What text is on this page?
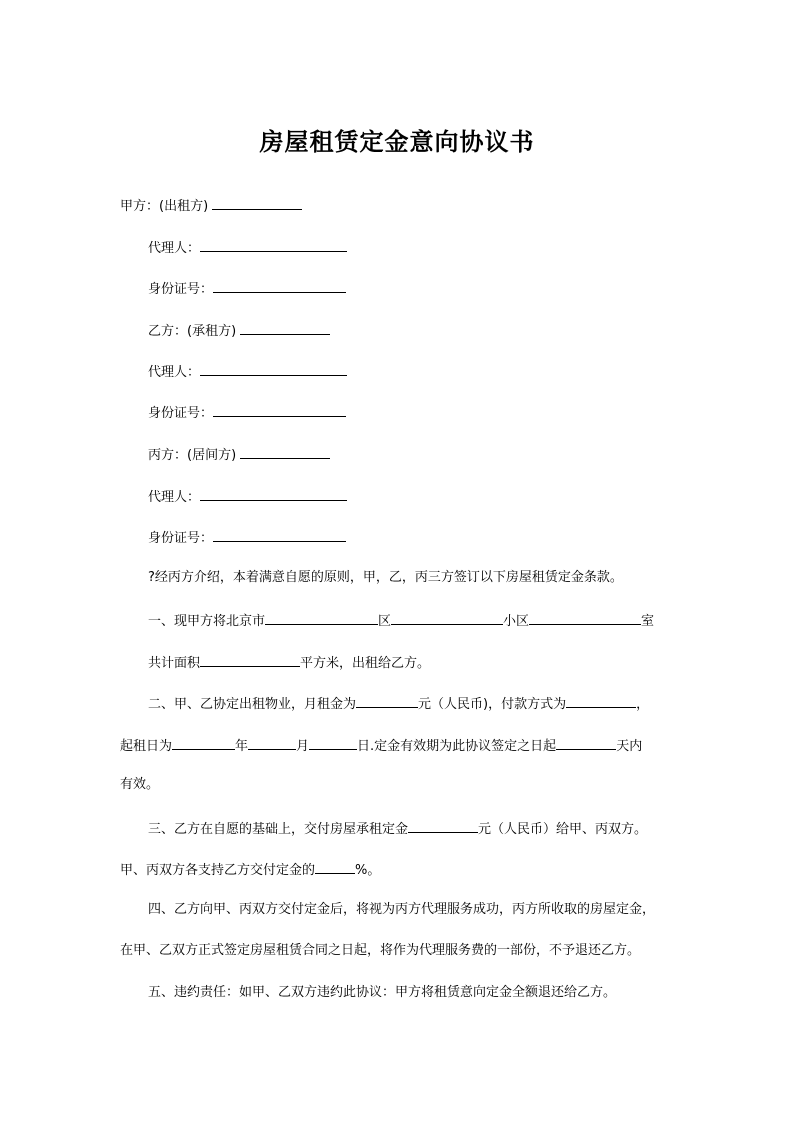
房屋租赁定金意向协议书
甲方：(出租方)
代理人：
身份证号：
乙方：(承租方)
代理人：
身份证号：
丙方：(居间方)
代理人：
身份证号：
?经丙方介绍，本着满意自愿的原则，甲，乙，丙三方签订以下房屋租赁定金条款。
一、现甲方将北京市	区	小区	室
共计面积	平方米，出租给乙方。
二、甲、乙协定出租物业，月租金为	元（人民币)，付款方式为	，
起租日为	年	月	日.定金有效期为此协议签定之日起	天内
有效。
三、乙方在自愿的基础上，交付房屋承租定金	元（人民币）给甲、丙双方。
甲、丙双方各支持乙方交付定金的	%。
四、乙方向甲、丙双方交付定金后，将视为丙方代理服务成功，丙方所收取的房屋定金，
在甲、乙双方正式签定房屋租赁合同之日起，将作为代理服务费的一部份，不予退还乙方。
五、违约责任：如甲、乙双方违约此协议：甲方将租赁意向定金全额退还给乙方。
